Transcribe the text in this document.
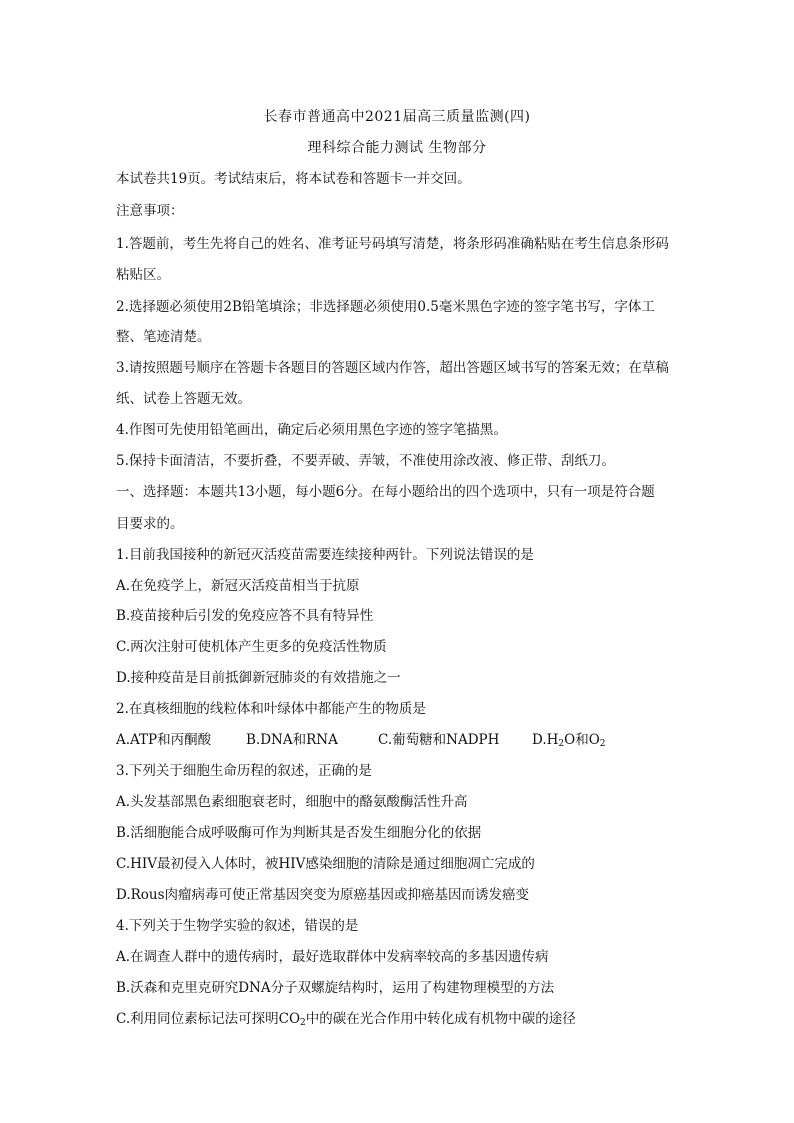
长春市普通高中2021届高三质量监测(四)
理科综合能力测试 生物部分
本试卷共19页。考试结束后，将本试卷和答题卡一并交回。
注意事项：
1.答题前，考生先将自己的姓名、准考证号码填写清楚，将条形码准确粘贴在考生信息条形码
粘贴区。
2.选择题必须使用2B铅笔填涂；非选择题必须使用0.5毫米黑色字迹的签字笔书写，字体工
整、笔迹清楚。
3.请按照题号顺序在答题卡各题目的答题区域内作答，超出答题区域书写的答案无效；在草稿
纸、试卷上答题无效。
4.作图可先使用铅笔画出，确定后必须用黑色字迹的签字笔描黑。
5.保持卡面清洁，不要折叠，不要弄破、弄皱，不准使用涂改液、修正带、刮纸刀。
一、选择题：本题共13小题，每小题6分。在每小题给出的四个选项中，只有一项是符合题
目要求的。
1.目前我国接种的新冠灭活疫苗需要连续接种两针。下列说法错误的是
A.在免疫学上，新冠灭活疫苗相当于抗原
B.疫苗接种后引发的免疫应答不具有特异性
C.两次注射可使机体产生更多的免疫活性物质
D.接种疫苗是目前抵御新冠肺炎的有效措施之一
2.在真核细胞的线粒体和叶绿体中都能产生的物质是
A.ATP和丙酮酸	B.DNA和RNA	C.葡萄糖和NADPH $D.H_2O$和$O_2$
3.下列关于细胞生命历程的叙述，正确的是
A.头发基部黑色素细胞衰老时，细胞中的酪氨酸酶活性升高
B.活细胞能合成呼吸酶可作为判断其是否发生细胞分化的依据
C.HIV最初侵入人体时，被HIV感染细胞的清除是通过细胞凋亡完成的
D.Rous肉瘤病毒可使正常基因突变为原癌基因或抑癌基因而诱发癌变
4.下列关于生物学实验的叙述，错误的是
A.在调查人群中的遗传病时，最好选取群体中发病率较高的多基因遗传病
B.沃森和克里克研究DNA分子双螺旋结构时，运用了构建物理模型的方法
C.利用同位素标记法可探明$CO_2$中的碳在光合作用中转化成有机物中碳的途径
